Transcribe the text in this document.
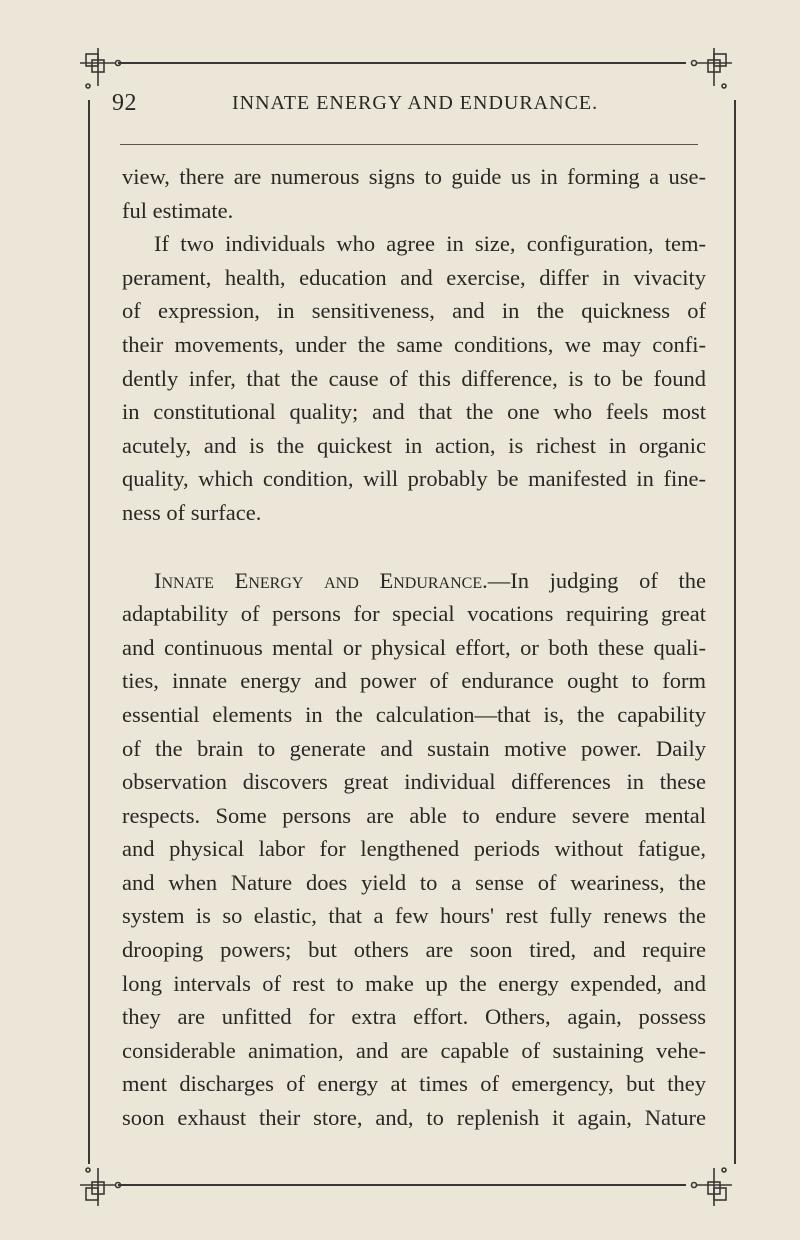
92	INNATE ENERGY AND ENDURANCE.

view, there are numerous signs to guide us in forming a use-
ful estimate.

If two individuals who agree in size, configuration, tem-
perament, health, education and exercise, differ in vivacity
of expression, in sensitiveness, and in the quickness of
their movements, under the same conditions, we may confi-
dently infer, that the cause of this difference, is to be found
in constitutional quality; and that the one who feels most
acutely, and is the quickest in action, is richest in organic
quality, which condition, will probably be manifested in fine-
ness of surface.

Innate Energy and Endurance.—In judging of the
adaptability of persons for special vocations requiring great
and continuous mental or physical effort, or both these quali-
ties, innate energy and power of endurance ought to form
essential elements in the calculation—that is, the capability
of the brain to generate and sustain motive power. Daily
observation discovers great individual differences in these
respects. Some persons are able to endure severe mental
and physical labor for lengthened periods without fatigue,
and when Nature does yield to a sense of weariness, the
system is so elastic, that a few hours' rest fully renews the
drooping powers; but others are soon tired, and require
long intervals of rest to make up the energy expended, and
they are unfitted for extra effort. Others, again, possess
considerable animation, and are capable of sustaining vehe-
ment discharges of energy at times of emergency, but they
soon exhaust their store, and, to replenish it again, Nature
